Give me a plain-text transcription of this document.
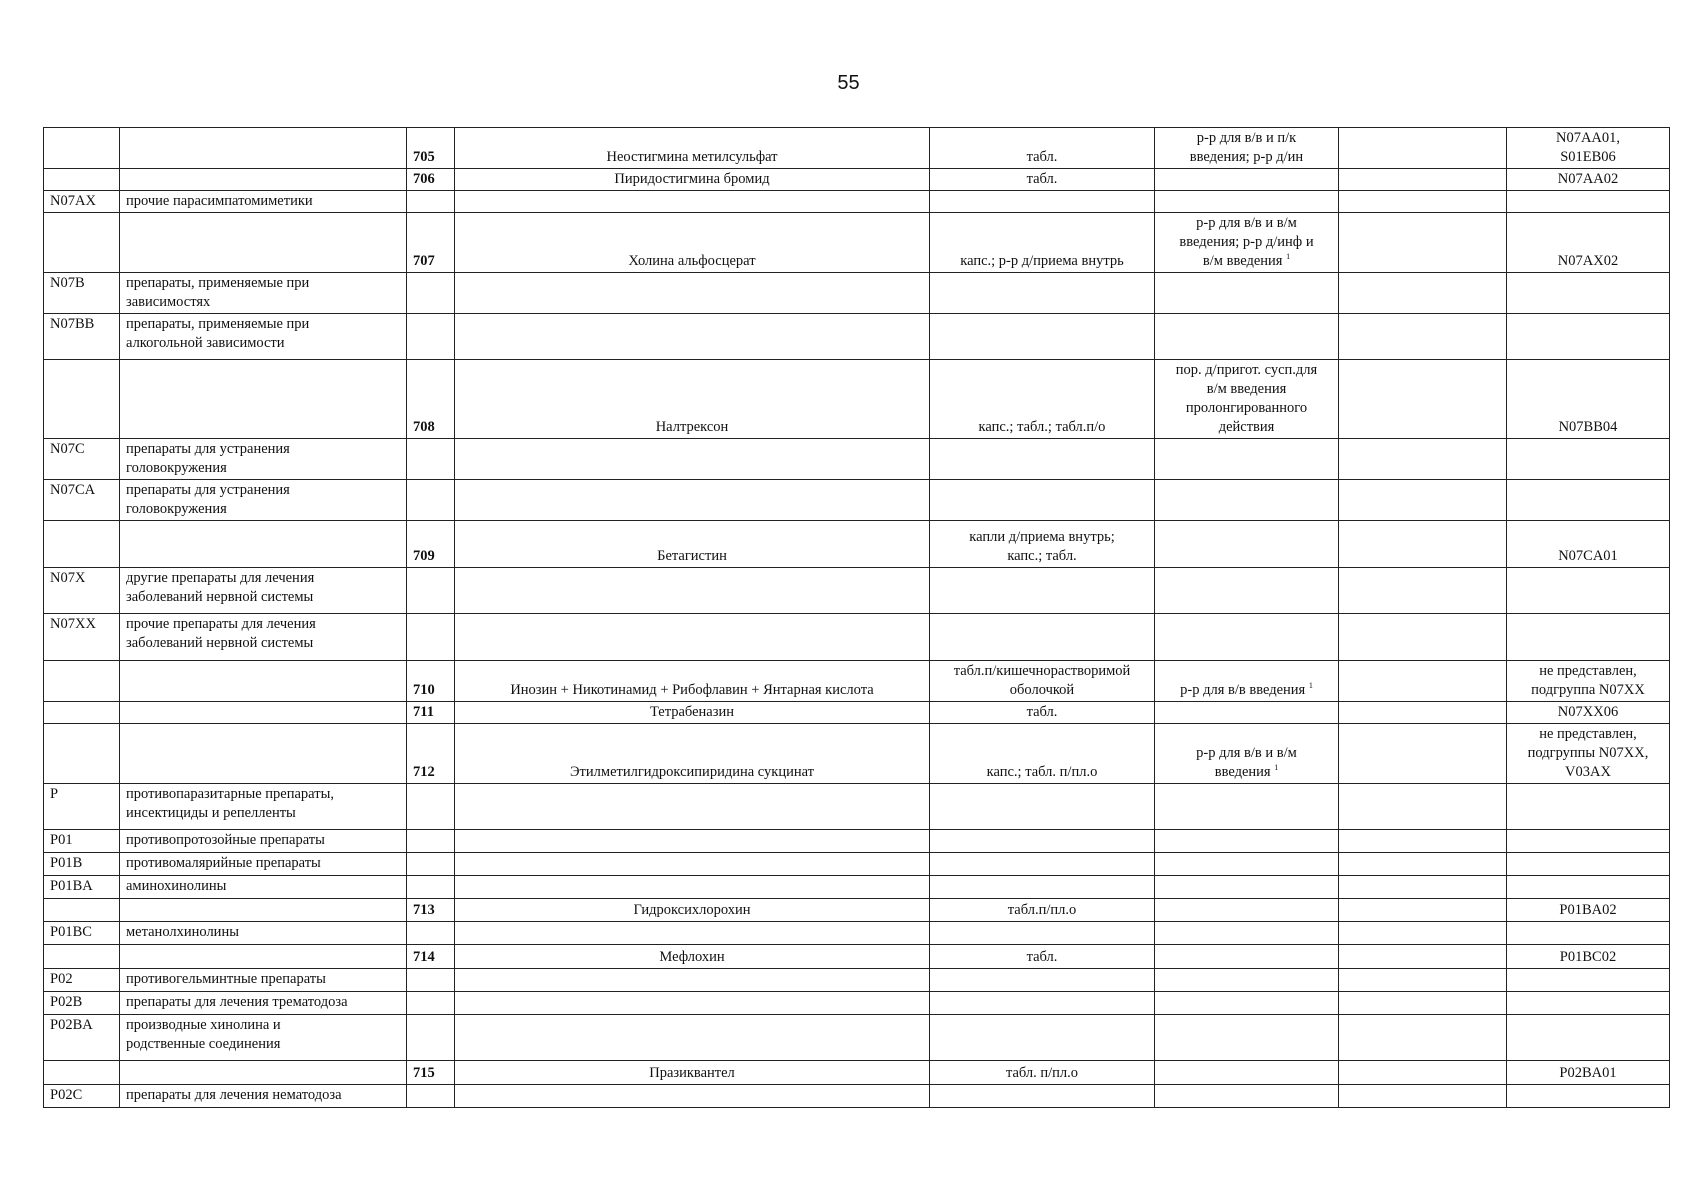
55
		705	Неостигмина метилсульфат	табл.	р-р для в/в и п/к
введения; р-р д/ин		N07AA01,
S01EB06

		706	Пиридостигмина бромид	табл.			N07AA02

N07AX	прочие парасимпатомиметики						

		707	Холина альфосцерат	капс.; р-р д/приема внутрь	р-р для в/в и в/м
введения; р-р д/инф и
в/м введения $^1$		N07AX02

N07B	препараты, применяемые при
зависимостях						

N07BB	препараты, применяемые при
алкогольной зависимости						

		708	Налтрексон	капс.; табл.; табл.п/о	пор. д/пригот. сусп.для
в/м введения
пролонгированного
действия		N07BB04

N07C	препараты для устранения
головокружения						

N07CA	препараты для устранения
головокружения						

		709	Бетагистин	капли д/приема внутрь;
капс.; табл.			N07CA01

N07X	другие препараты для лечения
заболеваний нервной системы						

N07XX	прочие препараты для лечения
заболеваний нервной системы						

		710	Инозин + Никотинамид + Рибофлавин + Янтарная кислота	табл.п/кишечнорастворимой
оболочкой	р-р для в/в введения $^1$		не представлен,
подгруппа N07XX

		711	Тетрабеназин	табл.			N07XX06

		712	Этилметилгидроксипиридина сукцинат	капс.; табл. п/пл.о	р-р для в/в и в/м
введения $^1$		не представлен,
подгруппы N07XX,
V03AX

P	противопаразитарные препараты,
инсектициды и репелленты						

P01	противопротозойные препараты						

P01B	противомалярийные препараты						

P01BA	аминохинолины						

		713	Гидроксихлорохин	табл.п/пл.о			P01BA02

P01BC	метанолхинолины						

		714	Мефлохин	табл.			P01BC02

P02	противогельминтные препараты						

P02B	препараты для лечения трематодоза						

P02BA	производные хинолина и
родственные соединения						

		715	Празиквантел	табл. п/пл.о			P02BA01

P02C	препараты для лечения нематодоза						
